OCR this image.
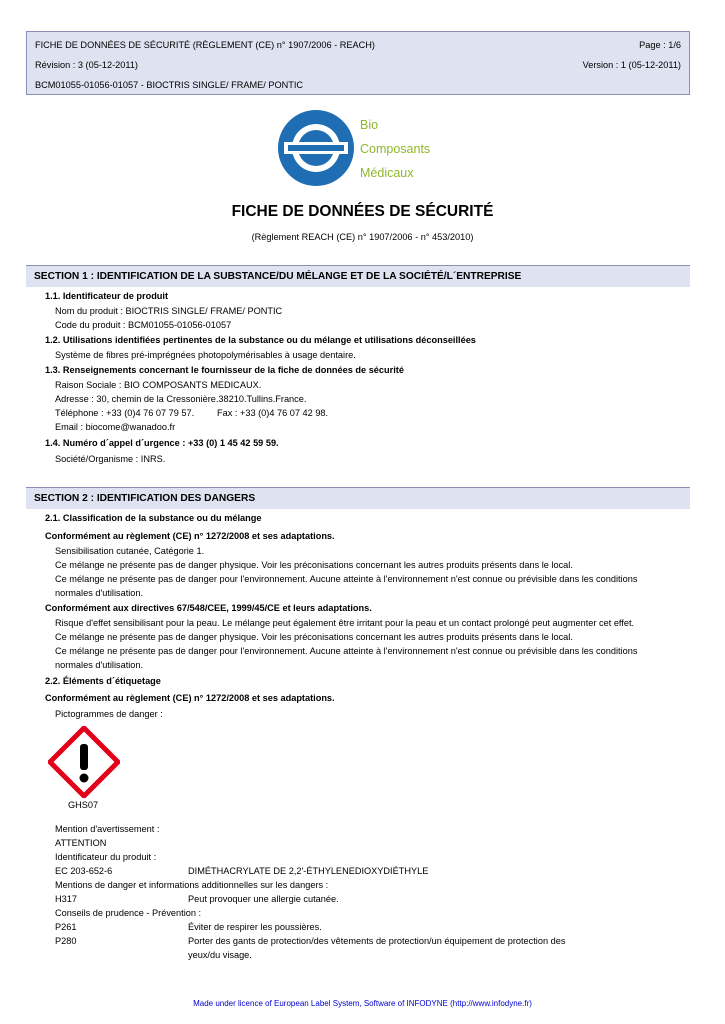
FICHE DE DONNÉES DE SÉCURITÉ (RÈGLEMENT (CE) n° 1907/2006 - REACH)	Page : 1/6
Révision : 3 (05-12-2011)	Version : 1 (05-12-2011)
BCM01055-01056-01057 - BIOCTRIS SINGLE/ FRAME/ PONTIC
Bio
Composants
Médicaux
FICHE DE DONNÉES DE SÉCURITÉ
(Règlement REACH (CE) n° 1907/2006 - n° 453/2010)
SECTION 1 : IDENTIFICATION DE LA SUBSTANCE/DU MÉLANGE ET DE LA SOCIÉTÉ/L´ENTREPRISE
1.1. Identificateur de produit
Nom du produit : BIOCTRIS SINGLE/ FRAME/ PONTIC
Code du produit : BCM01055-01056-01057
1.2. Utilisations identifiées pertinentes de la substance ou du mélange et utilisations déconseillées
Système de fibres pré-imprégnées photopolymérisables à usage dentaire.
1.3. Renseignements concernant le fournisseur de la fiche de données de sécurité
Raison Sociale : BIO COMPOSANTS MEDICAUX.
Adresse : 30, chemin de la Cressonière.38210.Tullins.France.
Téléphone : +33 (0)4 76 07 79 57. Fax : +33 (0)4 76 07 42 98.
Email : biocome@wanadoo.fr
1.4. Numéro d´appel d´urgence : +33 (0) 1 45 42 59 59.
Société/Organisme : INRS.
SECTION 2 : IDENTIFICATION DES DANGERS
2.1. Classification de la substance ou du mélange
Conformément au règlement (CE) n° 1272/2008 et ses adaptations.
Sensibilisation cutanée, Catégorie 1.
Ce mélange ne présente pas de danger physique. Voir les préconisations concernant les autres produits présents dans le local.
Ce mélange ne présente pas de danger pour l'environnement. Aucune atteinte à l'environnement n'est connue ou prévisible dans les conditions
normales d'utilisation.
Conformément aux directives 67/548/CEE, 1999/45/CE et leurs adaptations.
Risque d'effet sensibilisant pour la peau. Le mélange peut également être irritant pour la peau et un contact prolongé peut augmenter cet effet.
Ce mélange ne présente pas de danger physique. Voir les préconisations concernant les autres produits présents dans le local.
Ce mélange ne présente pas de danger pour l'environnement. Aucune atteinte à l'environnement n'est connue ou prévisible dans les conditions
normales d'utilisation.
2.2. Éléments d´étiquetage
Conformément au règlement (CE) n° 1272/2008 et ses adaptations.
Pictogrammes de danger :
GHS07
Mention d'avertissement :
ATTENTION
Identificateur du produit :
EC 203-652-6	DIMÉTHACRYLATE DE 2,2'-ÉTHYLENEDIOXYDIÉTHYLE
Mentions de danger et informations additionnelles sur les dangers :
H317	Peut provoquer une allergie cutanée.
Conseils de prudence - Prévention :
P261	Éviter de respirer les poussières.
P280	Porter des gants de protection/des vêtements de protection/un équipement de protection des
yeux/du visage.
Made under licence of European Label System, Software of INFODYNE (http://www.infodyne.fr)
